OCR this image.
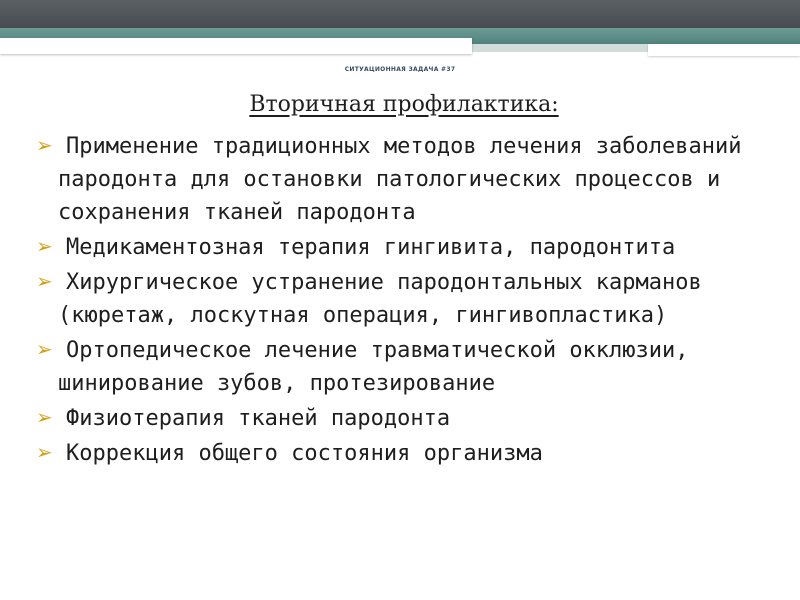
СИТУАЦИОННАЯ ЗАДАЧА #37
Вторичная профилактика:
➢ Применение традиционных методов лечения заболеваний пародонта для остановки патологических процессов и сохранения тканей пародонта
➢ Медикаментозная терапия гингивита, пародонтита
➢ Хирургическое устранение пародонтальных карманов (кюретаж, лоскутная операция, гингивопластика)
➢ Ортопедическое лечение травматической окклюзии, шинирование зубов, протезирование
➢ Физиотерапия тканей пародонта
➢ Коррекция общего состояния организма
